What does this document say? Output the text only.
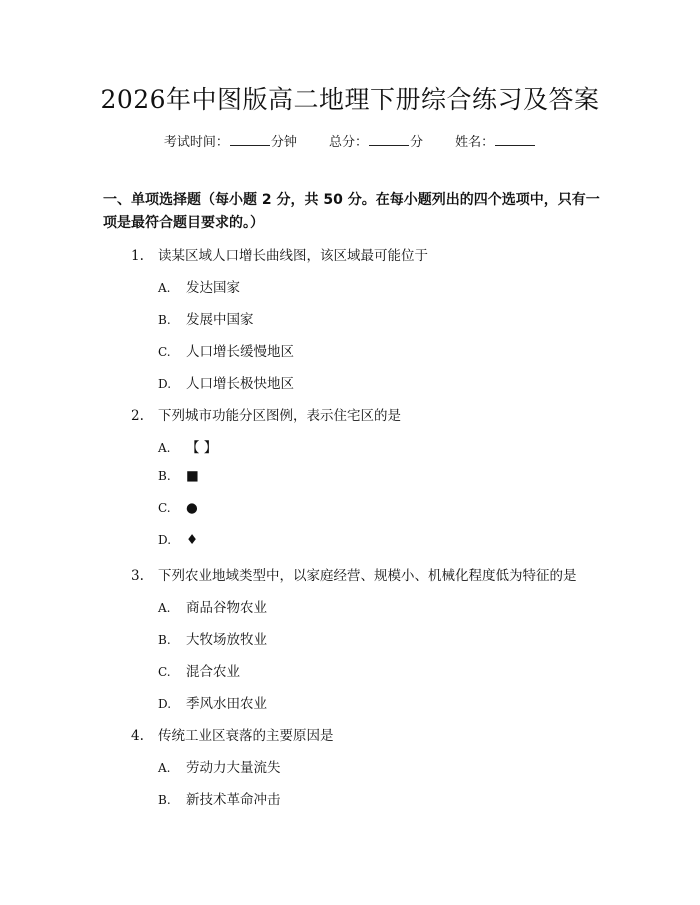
2026年中图版高二地理下册综合练习及答案
考试时间：	分钟 总分：	分 姓名：
一、单项选择题（每小题 2 分，共 50 分。在每小题列出的四个选项中，只有一项是最符合题目要求的。）
1. 读某区域人口增长曲线图，该区域最可能位于
A. 发达国家
B. 发展中国家
C. 人口增长缓慢地区
D. 人口增长极快地区
2. 下列城市功能分区图例，表示住宅区的是
A. 【 】
B. ■
C. ●
D. ♦
3. 下列农业地域类型中，以家庭经营、规模小、机械化程度低为特征的是
A. 商品谷物农业
B. 大牧场放牧业
C. 混合农业
D. 季风水田农业
4. 传统工业区衰落的主要原因是
A. 劳动力大量流失
B. 新技术革命冲击
